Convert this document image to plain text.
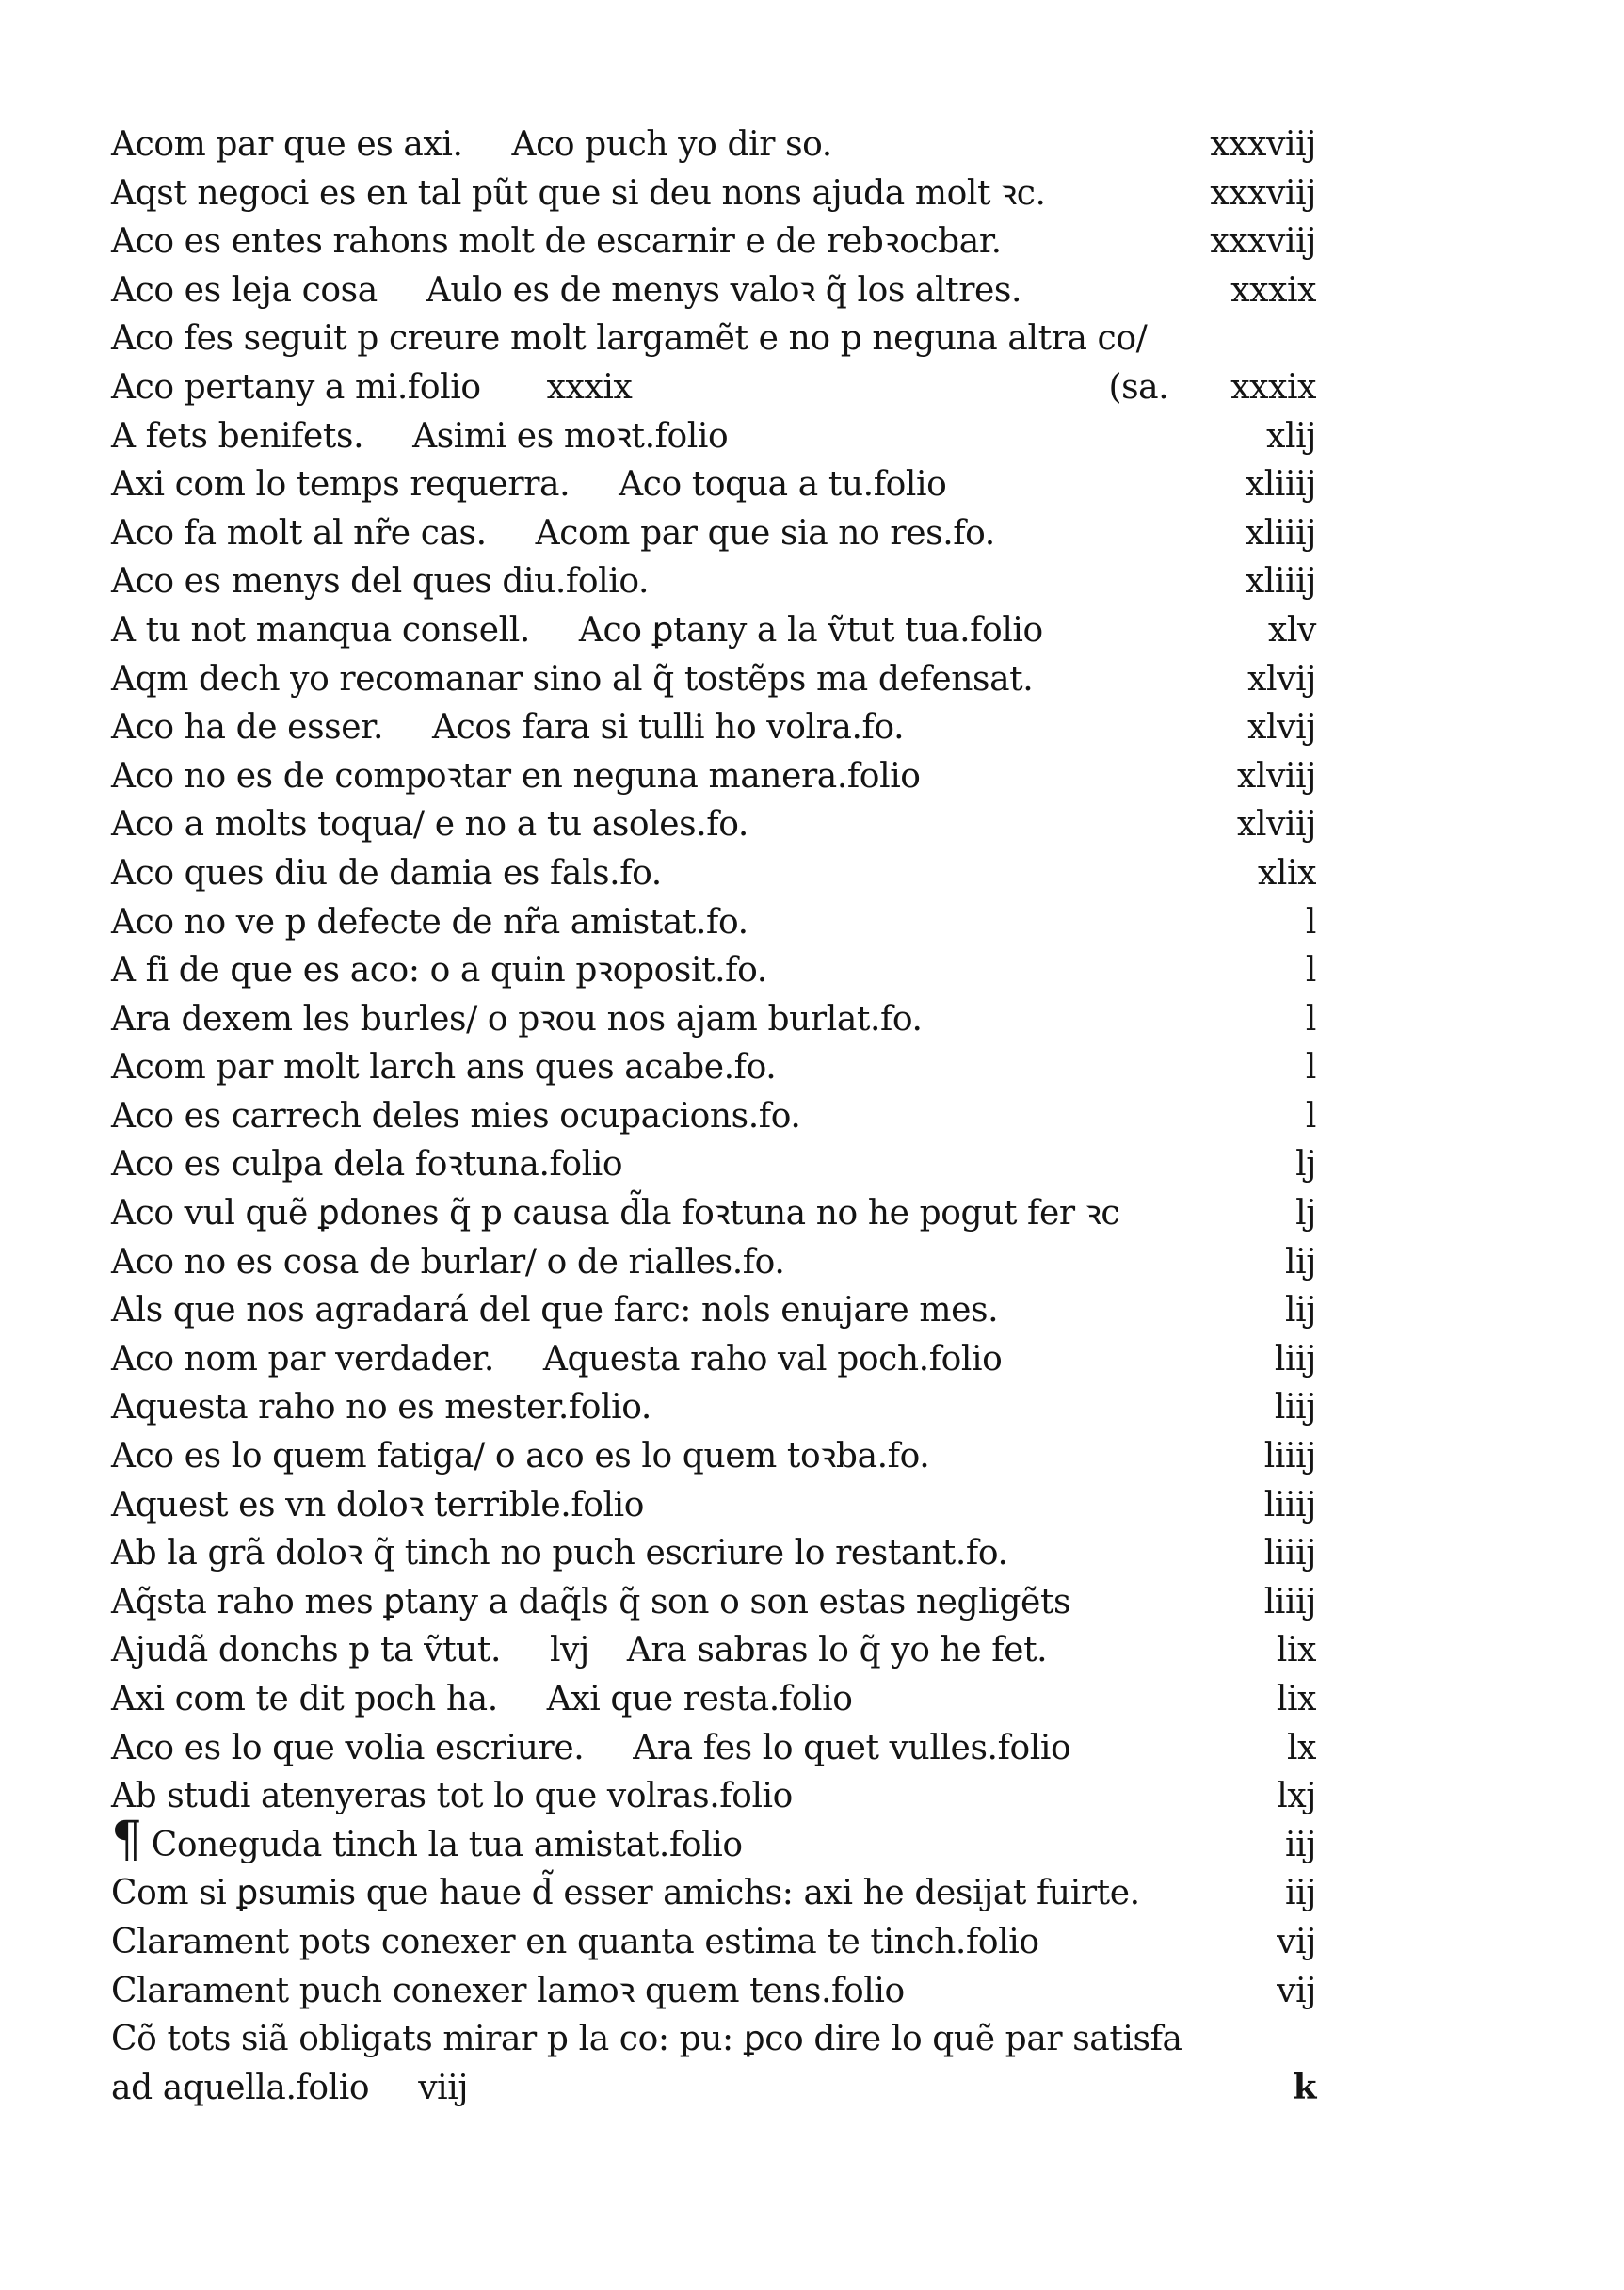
Acom par que es axi.	Aco puch yo dir so.	xxxviij
Aqst negoci es en tal pũt que si deu nons ajuda molt ꝛc.	xxxviij
Aco es entes rahons molt de escarnir e de rebꝛocbar.	xxxviij
Aco es leja cosa	Aulo es de menys valoꝛ q̃ los altres.	xxxix
Aco fes seguit p creure molt largamẽt e no p neguna altra co/
Aco pertany a mi.folio	xxxix	(sa.	xxxix
A fets benifets.	Asimi es moꝛt.folio	xlij
Axi com lo temps requerra.	Aco toqua a tu.folio	xliiij
Aco fa molt al nr̃e cas.	Acom par que sia no res.fo.	xliiij
Aco es menys del ques diu.folio.	xliiij
A tu not manqua consell.	Aco ꝑtany a la ṽtut tua.folio	xlv
Aqm dech yo recomanar sino al q̃ tostẽps ma defensat.	xlvij
Aco ha de esser.	Acos fara si tulli ho volra.fo.	xlvij
Aco no es de compoꝛtar en neguna manera.folio	xlviij
Aco a molts toqua/ e no a tu asoles.fo.	xlviij
Aco ques diu de damia es fals.fo.	xlix
Aco no ve p defecte de nr̃a amistat.fo.	l
A fi de que es aco: o a quin pꝛoposit.fo.	l
Ara dexem les burles/ o pꝛou nos ajam burlat.fo.	l
Acom par molt larch ans ques acabe.fo.	l
Aco es carrech deles mies ocupacions.fo.	l
Aco es culpa dela foꝛtuna.folio	lj
Aco vul quẽ ꝑdones q̃ p causa d̃la foꝛtuna no he pogut fer ꝛc	lj
Aco no es cosa de burlar/ o de rialles.fo.	lij
Als que nos agradará del que farc: nols enujare mes.	lij
Aco nom par verdader.	Aquesta raho val poch.folio	liij
Aquesta raho no es mester.folio.	liij
Aco es lo quem fatiga/ o aco es lo quem toꝛba.fo.	liiij
Aquest es vn doloꝛ terrible.folio	liiij
Ab la grã doloꝛ q̃ tinch no puch escriure lo restant.fo.	liiij
Aq̃sta raho mes ꝑtany a daq̃ls q̃ son o son estas negligẽts	liiij
Ajudã donchs p ta ṽtut.	lvj	Ara sabras lo q̃ yo he fet.	lix
Axi com te dit poch ha.	Axi que resta.folio	lix
Aco es lo que volia escriure.	Ara fes lo quet vulles.folio	lx
Ab studi atenyeras tot lo que volras.folio	lxj
¶ Coneguda tinch la tua amistat.folio	iij
Com si ꝑsumis que haue d̃ esser amichs: axi he desijat fuirte.	iij
Clarament pots conexer en quanta estima te tinch.folio	vij
Clarament puch conexer lamoꝛ quem tens.folio	vij
Cõ tots siã obligats mirar p la co: pu: ꝑco dire lo quẽ par satisfa
ad aquella.folio	viij	k
